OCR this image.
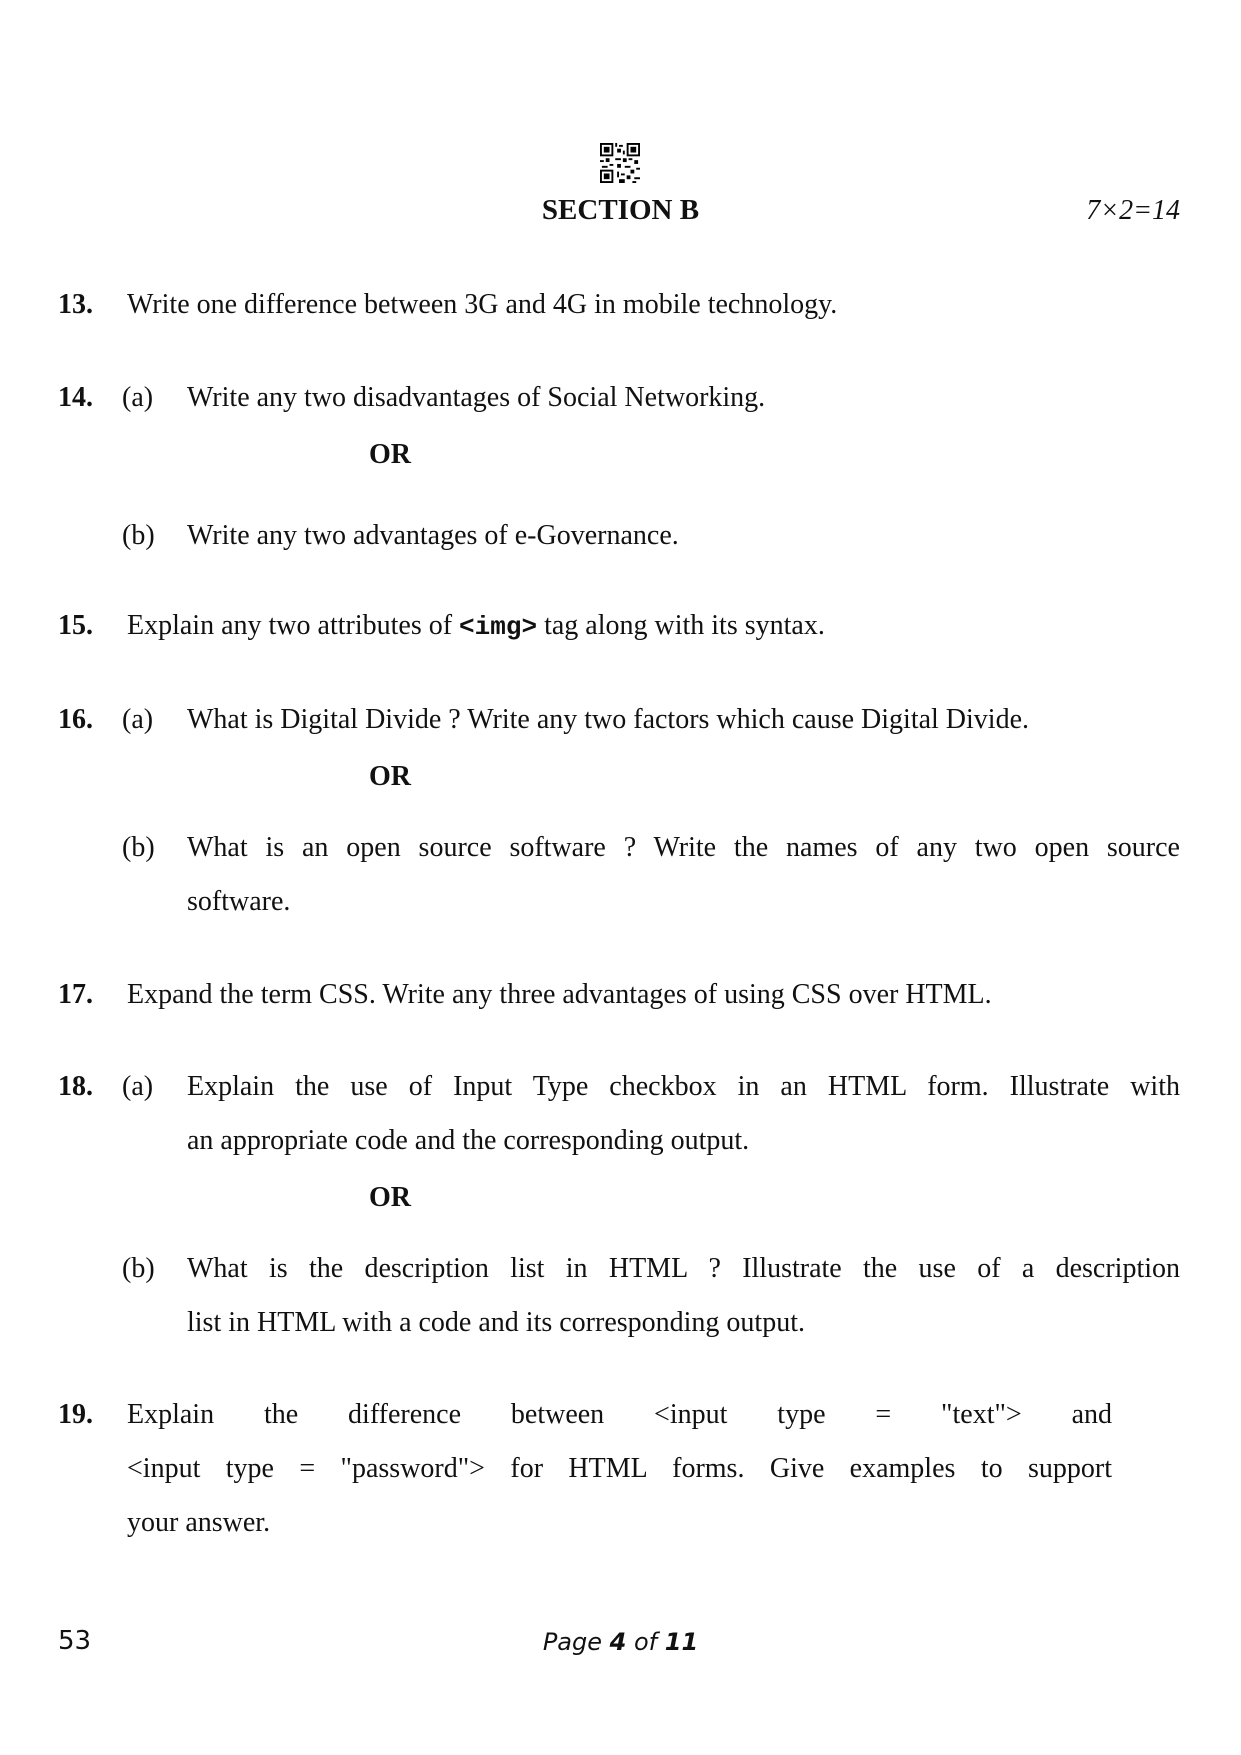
SECTION B	7×2=14
13. Write one difference between 3G and 4G in mobile technology.
14. (a) Write any two disadvantages of Social Networking.
OR
(b) Write any two advantages of e-Governance.
15. Explain any two attributes of <img> tag along with its syntax.
16. (a) What is Digital Divide ? Write any two factors which cause Digital Divide.
OR
(b) What is an open source software ? Write the names of any two open source
software.
17. Expand the term CSS. Write any three advantages of using CSS over HTML.
18. (a) Explain the use of Input Type checkbox in an HTML form. Illustrate with
an appropriate code and the corresponding output.
OR
(b) What is the description list in HTML ? Illustrate the use of a description
list in HTML with a code and its corresponding output.
19. Explain the difference between <input type = "text"> and
<input type = "password"> for HTML forms. Give examples to support
your answer.
53	Page 4 of 11
